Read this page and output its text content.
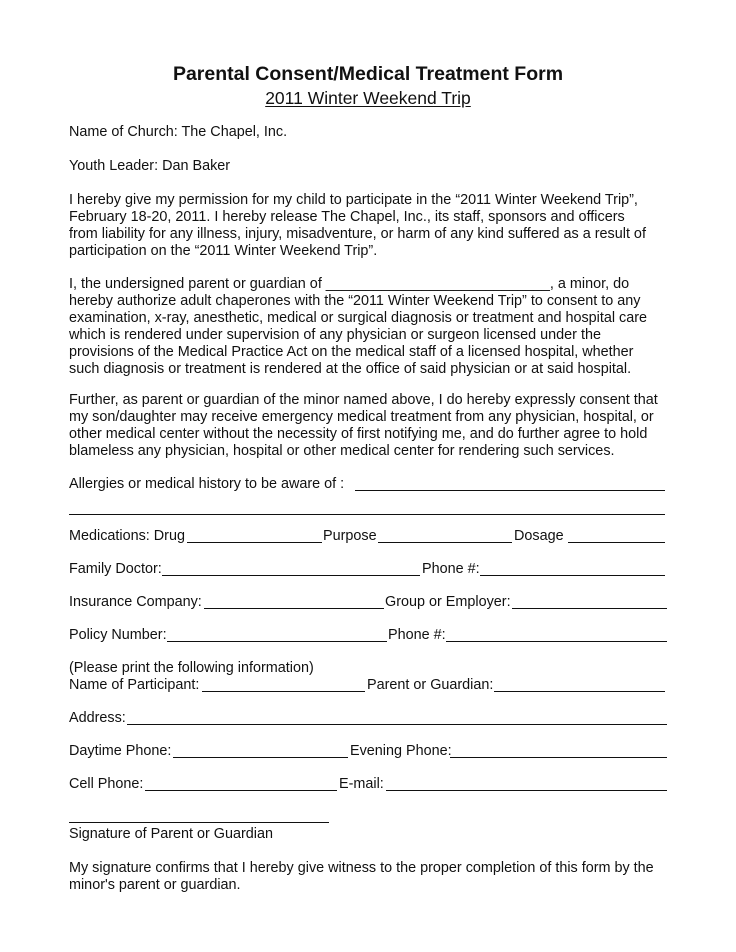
Parental Consent/Medical Treatment Form
2011 Winter Weekend Trip
Name of Church: The Chapel, Inc.
Youth Leader: Dan Baker
I hereby give my permission for my child to participate in the “2011 Winter Weekend Trip”,
February 18-20, 2011. I hereby release The Chapel, Inc., its staff, sponsors and officers
from liability for any illness, injury, misadventure, or harm of any kind suffered as a result of
participation on the “2011 Winter Weekend Trip”.
I, the undersigned parent or guardian of ____________________________, a minor, do
hereby authorize adult chaperones with the “2011 Winter Weekend Trip” to consent to any
examination, x-ray, anesthetic, medical or surgical diagnosis or treatment and hospital care
which is rendered under supervision of any physician or surgeon licensed under the
provisions of the Medical Practice Act on the medical staff of a licensed hospital, whether
such diagnosis or treatment is rendered at the office of said physician or at said hospital.
Further, as parent or guardian of the minor named above, I do hereby expressly consent that
my son/daughter may receive emergency medical treatment from any physician, hospital, or
other medical center without the necessity of first notifying me, and do further agree to hold
blameless any physician, hospital or other medical center for rendering such services.
Allergies or medical history to be aware of :
Medications: Drug	Purpose	Dosage
Family Doctor:	Phone #:
Insurance Company:	Group or Employer:
Policy Number:	Phone #:
(Please print the following information)
Name of Participant:	Parent or Guardian:
Address:
Daytime Phone:	Evening Phone:
Cell Phone:	E-mail:
Signature of Parent or Guardian
My signature confirms that I hereby give witness to the proper completion of this form by the
minor's parent or guardian.
